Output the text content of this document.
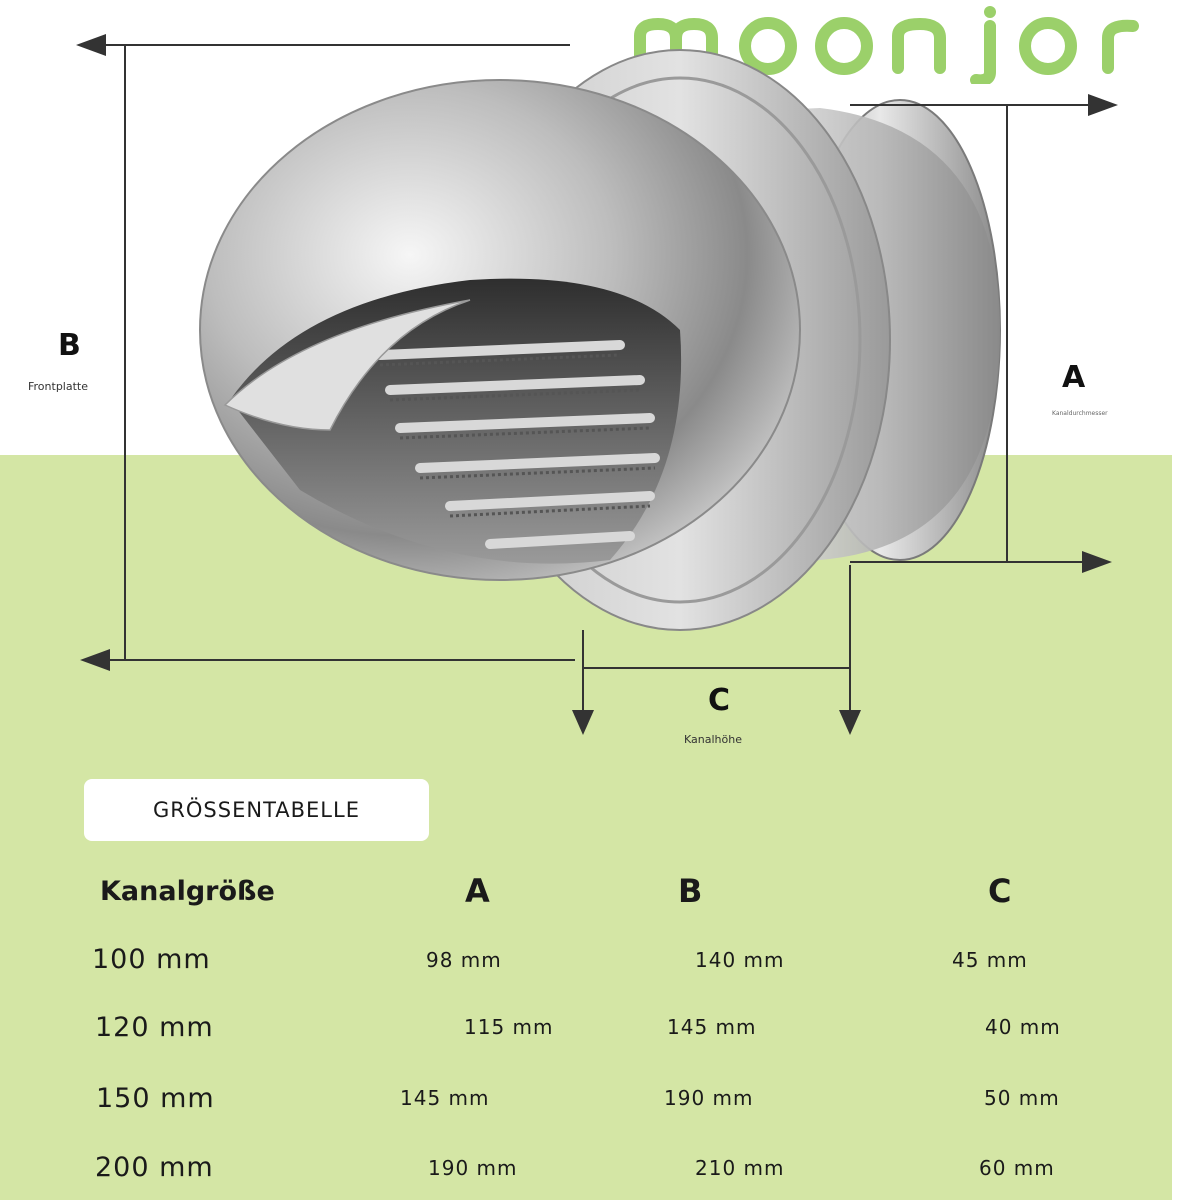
B
Frontplatte	A
Kanaldurchmesser
C
Kanalhöhe
GRÖSSENTABELLE
Kanalgröße	A	B	C
100 mm	98 mm	140 mm	45 mm
120 mm	115 mm	145 mm	40 mm
150 mm	145 mm	190 mm	50 mm
200 mm	190 mm	210 mm	60 mm
